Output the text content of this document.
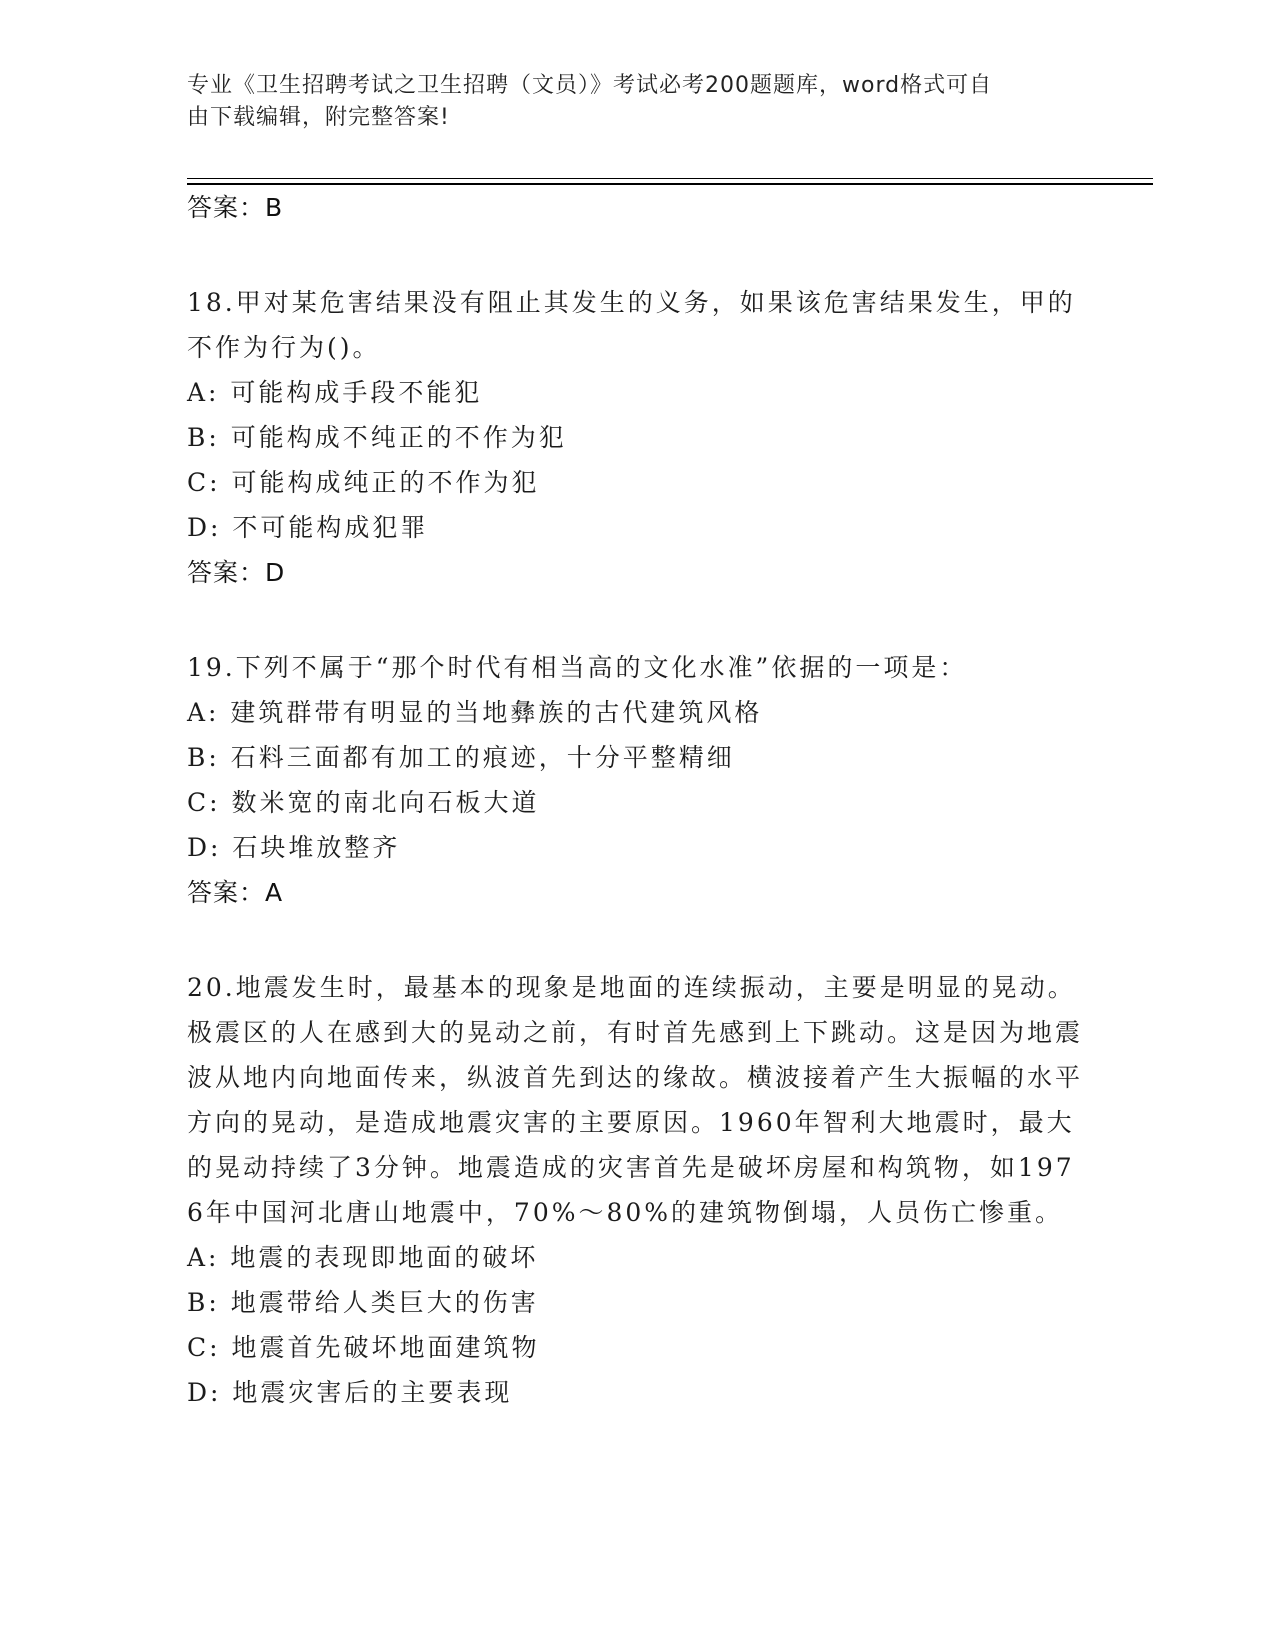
专业《卫生招聘考试之卫生招聘（文员）》考试必考200题题库，word格式可自
由下载编辑，附完整答案!
答案：B
18.甲对某危害结果没有阻止其发生的义务，如果该危害结果发生，甲的不作为行为()。
A: 可能构成手段不能犯
B: 可能构成不纯正的不作为犯
C: 可能构成纯正的不作为犯
D: 不可能构成犯罪
答案：D
19.下列不属于“那个时代有相当高的文化水准”依据的一项是：
A: 建筑群带有明显的当地彝族的古代建筑风格
B: 石料三面都有加工的痕迹，十分平整精细
C: 数米宽的南北向石板大道
D: 石块堆放整齐
答案：A
20.地震发生时，最基本的现象是地面的连续振动，主要是明显的晃动。极震区的人在感到大的晃动之前，有时首先感到上下跳动。这是因为地震波从地内向地面传来，纵波首先到达的缘故。横波接着产生大振幅的水平方向的晃动，是造成地震灾害的主要原因。1960年智利大地震时，最大的晃动持续了3分钟。地震造成的灾害首先是破坏房屋和构筑物，如1976年中国河北唐山地震中，70%～80%的建筑物倒塌，人员伤亡惨重。
A: 地震的表现即地面的破坏
B: 地震带给人类巨大的伤害
C: 地震首先破坏地面建筑物
D: 地震灾害后的主要表现
